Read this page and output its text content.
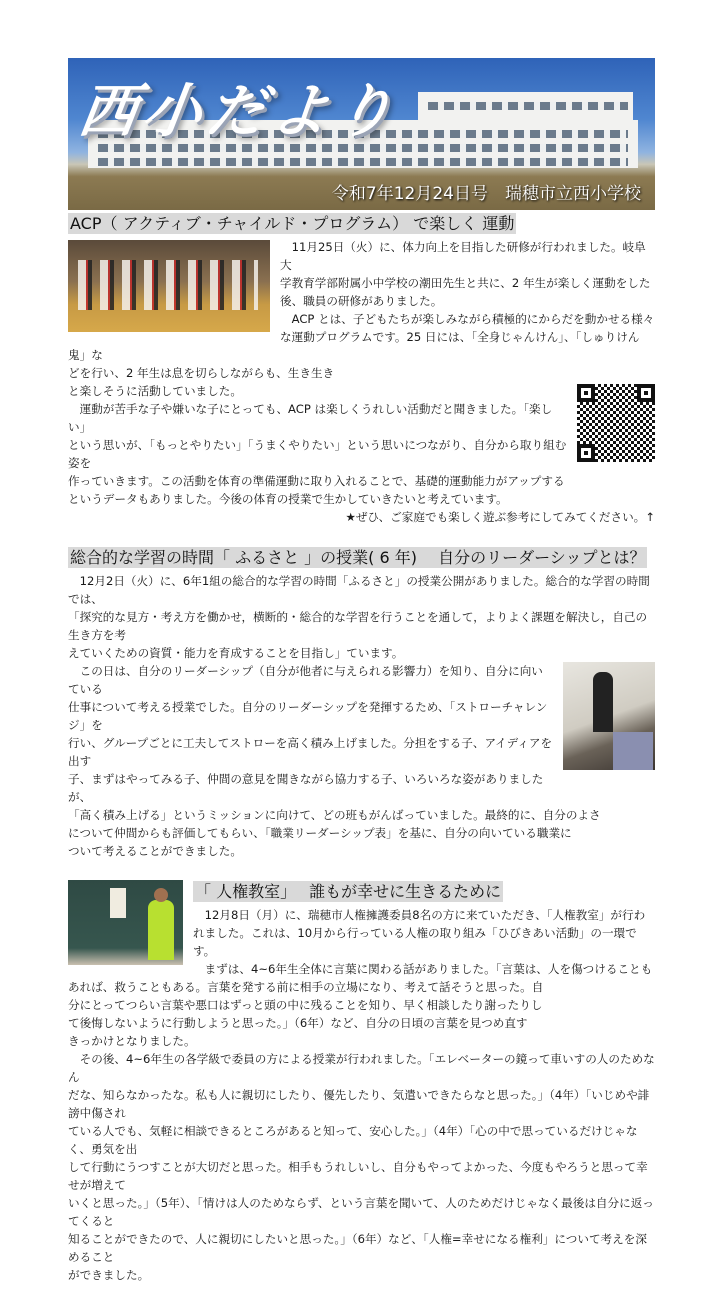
西小だより
令和7年12月24日号　瑞穂市立西小学校
ACP（ アクティブ・チャイルド・プログラム） で楽しく 運動
　11月25日（火）に、体力向上を目指した研修が行われました。岐阜大
学教育学部附属小中学校の潮田先生と共に、2 年生が楽しく運動をした
後、職員の研修がありました。
　ACP とは、子どもたちが楽しみながら積極的にからだを動かせる様々
な運動プログラムです。25 日には、「全身じゃんけん」、「しゅりけん鬼」な
どを行い、2 年生は息を切らしながらも、生き生き
と楽しそうに活動していました。
　運動が苦手な子や嫌いな子にとっても、ACP は楽しくうれしい活動だと聞きました。「楽しい」
という思いが、「もっとやりたい」「うまくやりたい」という思いにつながり、自分から取り組む姿を
作っていきます。この活動を体育の準備運動に取り入れることで、基礎的運動能力がアップする
というデータもありました。今後の体育の授業で生かしていきたいと考えています。
★ぜひ、ご家庭でも楽しく遊ぶ参考にしてみてください。↑
総合的な学習の時間「 ふるさと 」の授業( 6 年)　 自分のリーダーシップとは？
　12月2日（火）に、6年1組の総合的な学習の時間「ふるさと」の授業公開がありました。総合的な学習の時間では、
「探究的な見方・考え方を働かせ，横断的・総合的な学習を行うことを通して，よりよく課題を解決し，自己の生き方を考
えていくための資質・能力を育成することを目指し」ています。
　この日は、自分のリーダーシップ（自分が他者に与えられる影響力）を知り、自分に向いている
仕事について考える授業でした。自分のリーダーシップを発揮するため、「ストローチャレンジ」を
行い、グループごとに工夫してストローを高く積み上げました。分担をする子、アイディアを出す
子、まずはやってみる子、仲間の意見を聞きながら協力する子、いろいろな姿がありましたが、
「高く積み上げる」というミッションに向けて、どの班もがんばっていました。最終的に、自分のよさ
について仲間からも評価してもらい、「職業リーダーシップ表」を基に、自分の向いている職業に
ついて考えることができました。
「 人権教室」　 誰もが幸せに生きるために
　12月8日（月）に、瑞穂市人権擁護委員8名の方に来ていただき、「人権教室」が行わ
れました。これは、10月から行っている人権の取り組み「ひびきあい活動」の一環です。
　まずは、4~6年生全体に言葉に関わる話がありました。「言葉は、人を傷つけることも
あれば、救うこともある。言葉を発する前に相手の立場になり、考えて話そうと思った。自
分にとってつらい言葉や悪口はずっと頭の中に残ることを知り、早く相談したり謝ったりし
て後悔しないように行動しようと思った。」（6年）など、自分の日頃の言葉を見つめ直す
きっかけとなりました。
　その後、4~6年生の各学級で委員の方による授業が行われました。「エレベーターの鏡って車いすの人のためなん
だな、知らなかったな。私も人に親切にしたり、優先したり、気遣いできたらなと思った。」（4年）「いじめや誹謗中傷され
ている人でも、気軽に相談できるところがあると知って、安心した。」（4年）「心の中で思っているだけじゃなく、勇気を出
して行動にうつすことが大切だと思った。相手もうれしいし、自分もやってよかった、今度もやろうと思って幸せが増えて
いくと思った。」（5年）、「情けは人のためならず、という言葉を聞いて、人のためだけじゃなく最後は自分に返ってくると
知ることができたので、人に親切にしたいと思った。」（6年）など、「人権=幸せになる権利」について考えを深めること
ができました。
